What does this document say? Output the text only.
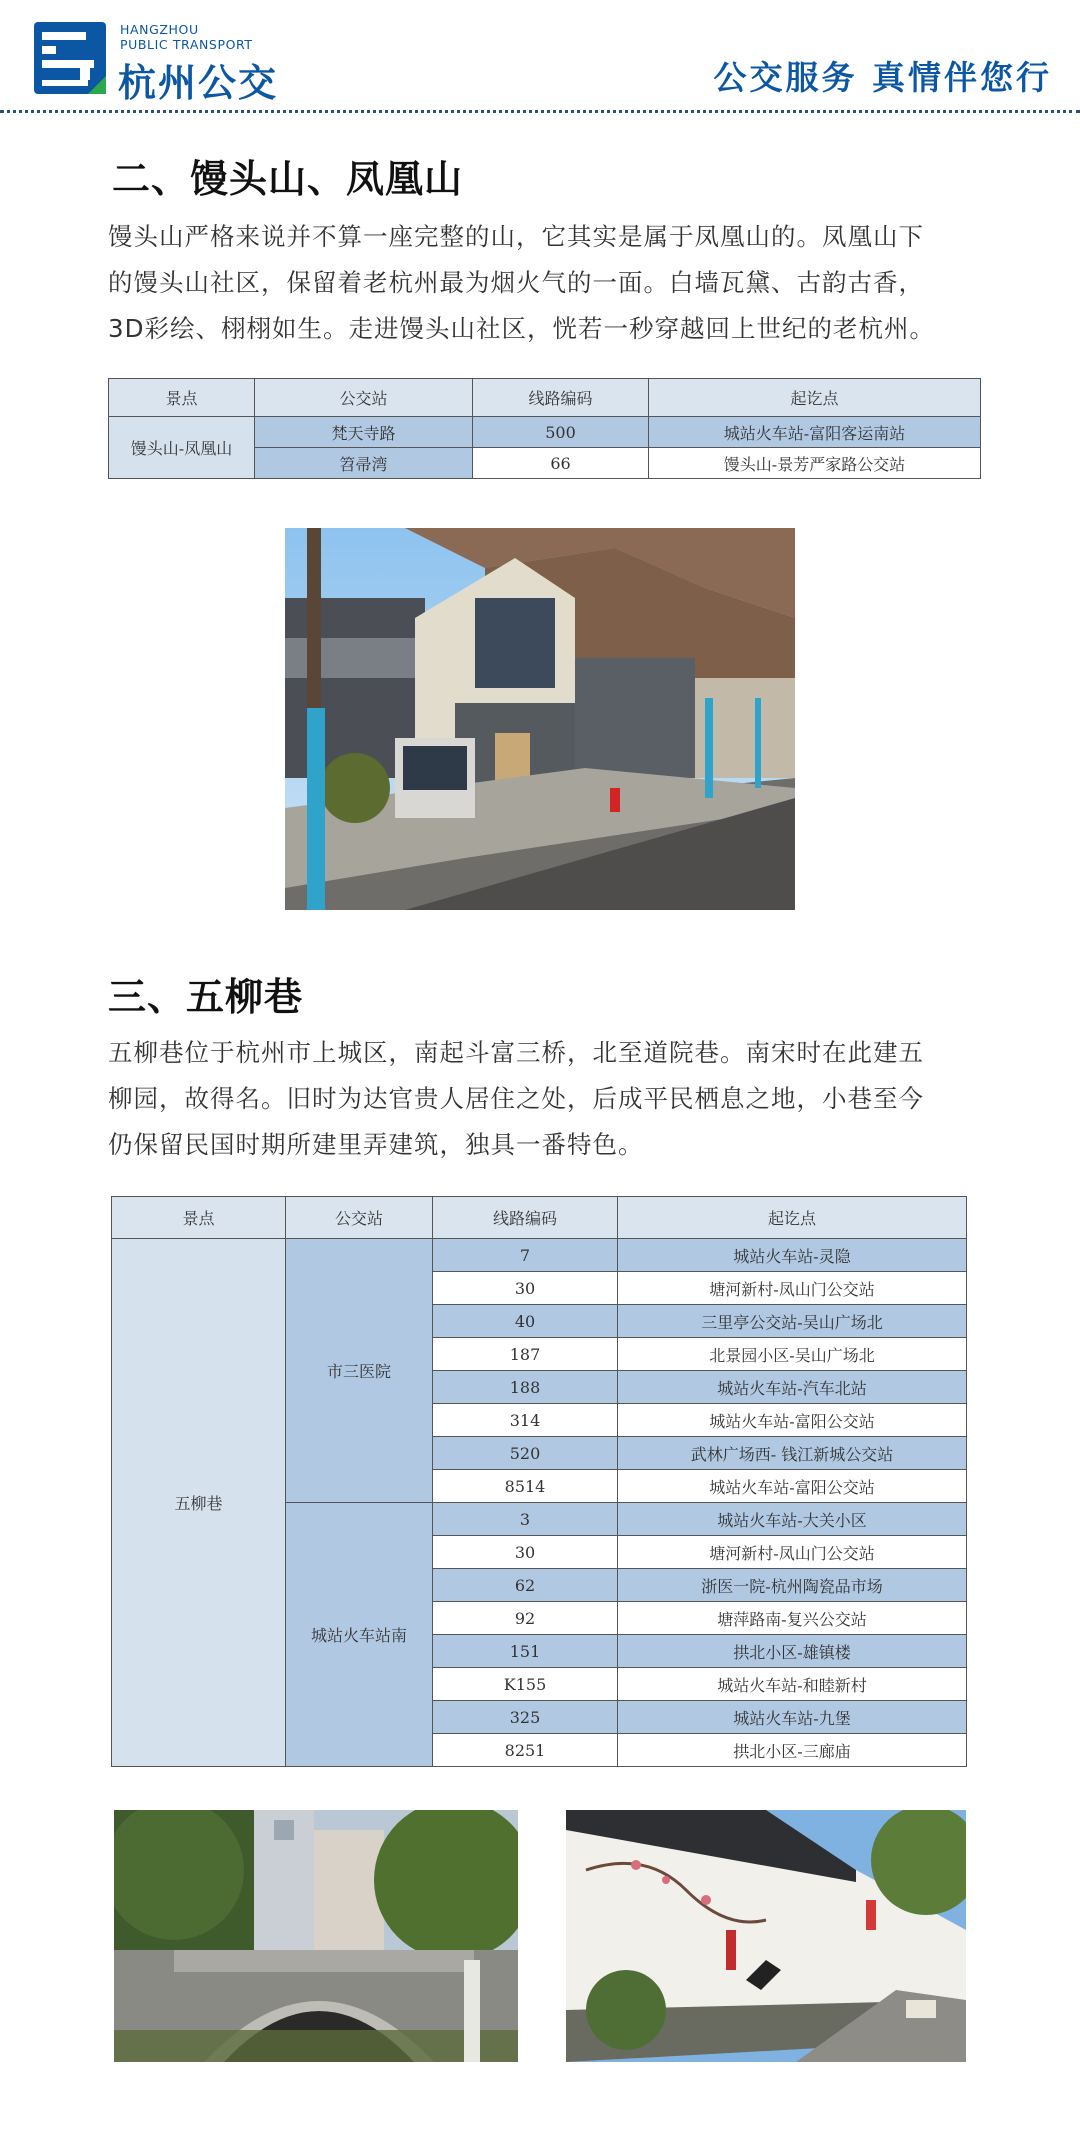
HANGZHOU
PUBLIC TRANSPORT
杭州公交	公交服务 真情伴您行
二、馒头山、凤凰山
馒头山严格来说并不算一座完整的山，它其实是属于凤凰山的。凤凰山下
的馒头山社区，保留着老杭州最为烟火气的一面。白墙瓦黛、古韵古香，
3D彩绘、栩栩如生。走进馒头山社区，恍若一秒穿越回上世纪的老杭州。
景点	公交站	线路编码	起讫点
馒头山-凤凰山	梵天寺路	500	城站火车站-富阳客运南站
	笤帚湾	66	馒头山-景芳严家路公交站
三、五柳巷
五柳巷位于杭州市上城区，南起斗富三桥，北至道院巷。南宋时在此建五
柳园，故得名。旧时为达官贵人居住之处，后成平民栖息之地，小巷至今
仍保留民国时期所建里弄建筑，独具一番特色。
景点	公交站	线路编码	起讫点
五柳巷	市三医院	7	城站火车站-灵隐
		30	塘河新村-凤山门公交站
		40	三里亭公交站-吴山广场北
		187	北景园小区-吴山广场北
		188	城站火车站-汽车北站
		314	城站火车站-富阳公交站
		520	武林广场西- 钱江新城公交站
		8514	城站火车站-富阳公交站
	城站火车站南	3	城站火车站-大关小区
		30	塘河新村-凤山门公交站
		62	浙医一院-杭州陶瓷品市场
		92	塘萍路南-复兴公交站
		151	拱北小区-雄镇楼
		K155	城站火车站-和睦新村
		325	城站火车站-九堡
		8251	拱北小区-三廊庙
